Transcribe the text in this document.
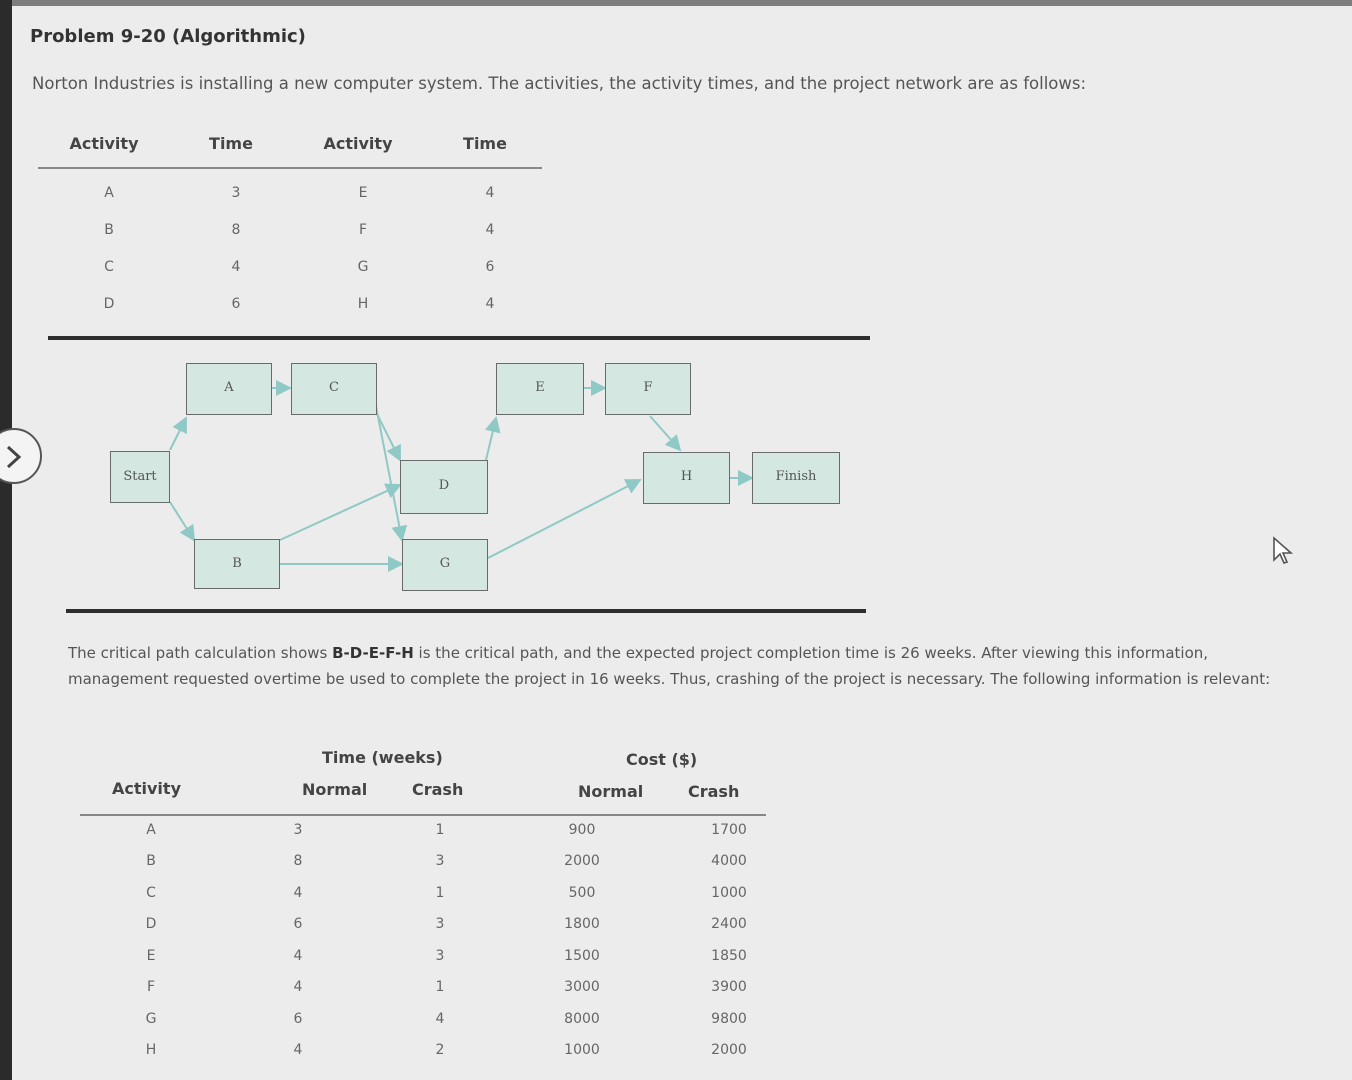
Problem 9-20 (Algorithmic)
Norton Industries is installing a new computer system. The activities, the activity times, and the project network are as follows:
Activity	Time	Activity	Time
A	3	E	4
B	8	F	4
C	4	G	6
D	6	H	4
Start
A	C
B
D
G
E	F
H	Finish
The critical path calculation shows B-D-E-F-H is the critical path, and the expected project completion time is 26 weeks. After viewing this information, management requested overtime be used to complete the project in 16 weeks. Thus, crashing of the project is necessary. The following information is relevant:
Time (weeks)	Cost ($)
Activity	Normal	Crash	Normal	Crash
A	3	1	900	1700
B	8	3	2000	4000
C	4	1	500	1000
D	6	3	1800	2400
E	4	3	1500	1850
F	4	1	3000	3900
G	6	4	8000	9800
H	4	2	1000	2000
